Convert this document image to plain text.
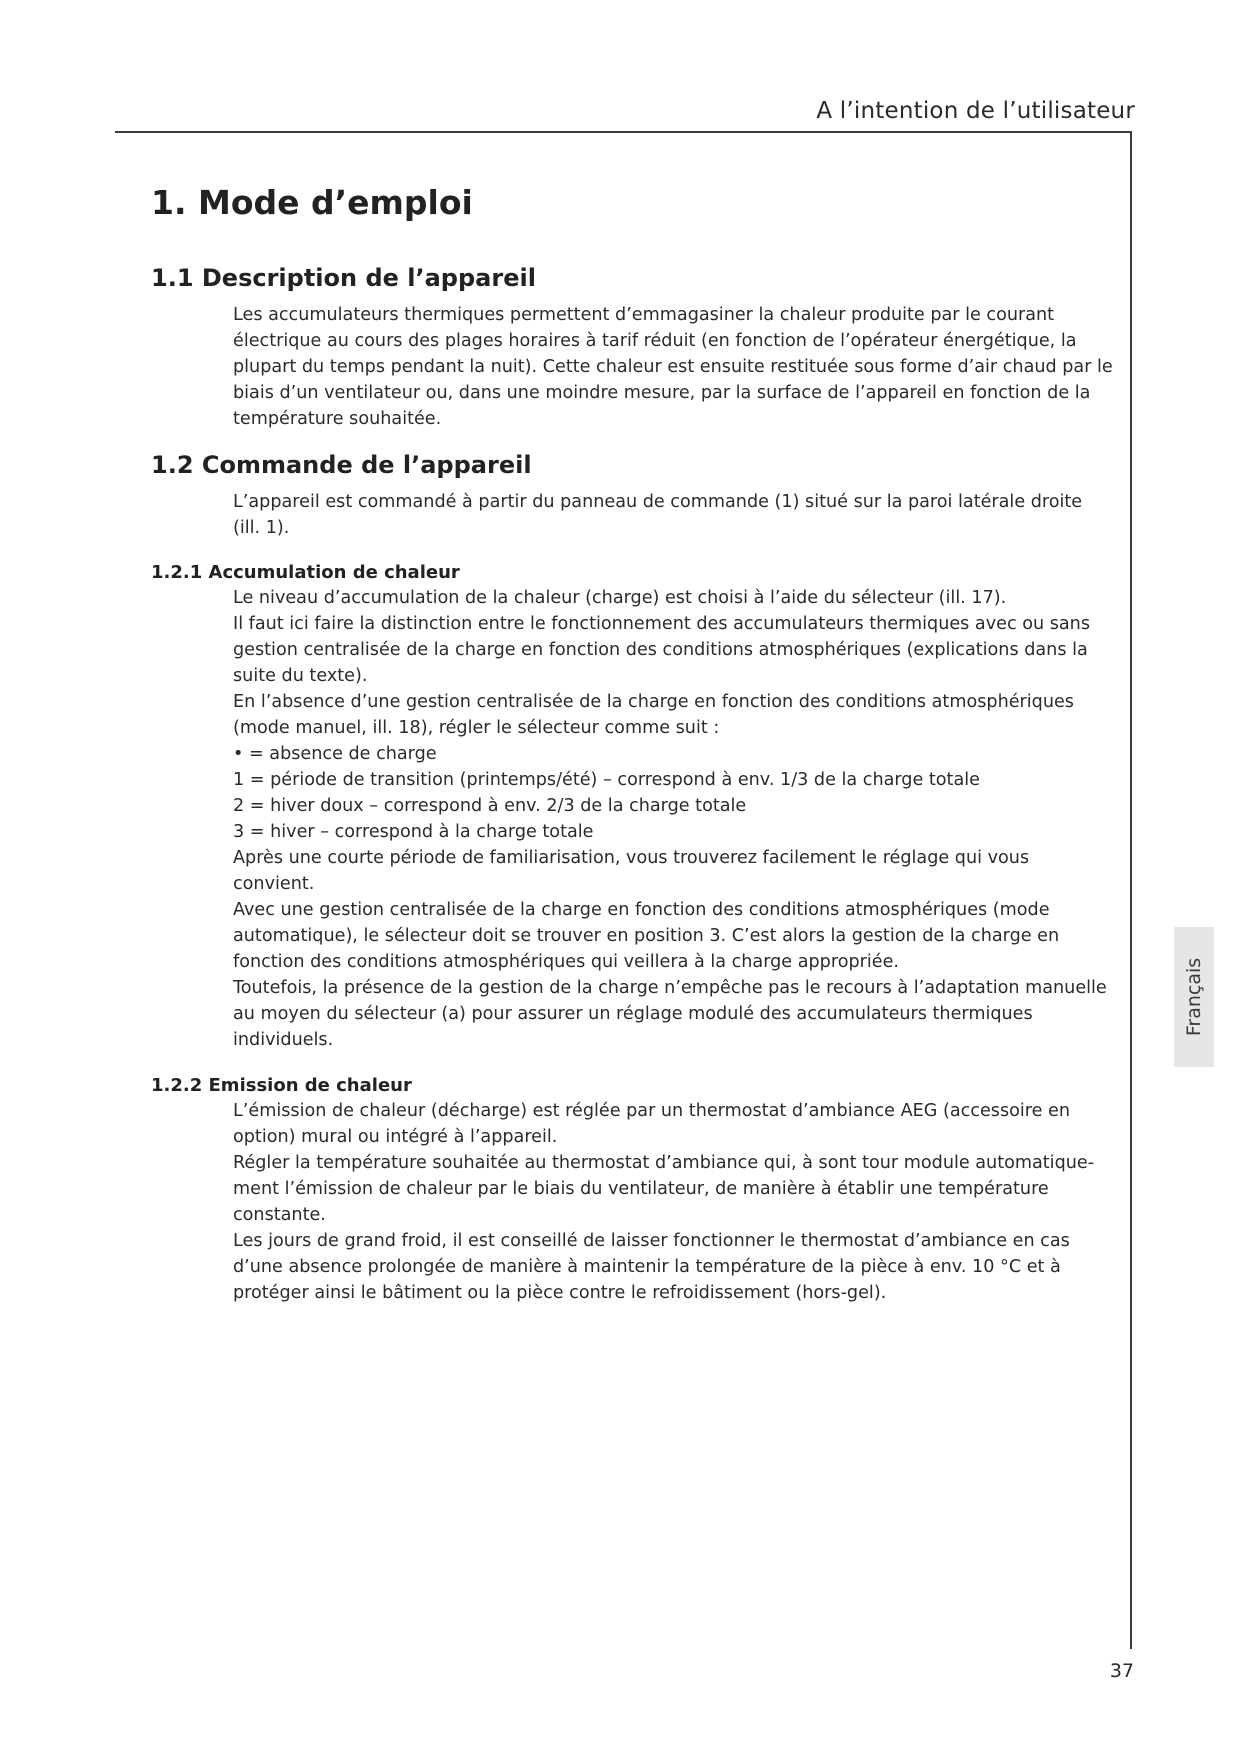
A l’intention de l’utilisateur
Français
1. Mode d’emploi
1.1 Description de l’appareil

Les accumulateurs thermiques permettent d’emmagasiner la chaleur produite par le courant

électrique au cours des plages horaires à tarif réduit (en fonction de l’opérateur énergétique, la

plupart du temps pendant la nuit). Cette chaleur est ensuite restituée sous forme d’air chaud par le

biais d’un ventilateur ou, dans une moindre mesure, par la surface de l’appareil en fonction de la

température souhaitée.

1.2 Commande de l’appareil

L’appareil est commandé à partir du panneau de commande (1) situé sur la paroi latérale droite

(ill. 1).

1.2.1 Accumulation de chaleur

Le niveau d’accumulation de la chaleur (charge) est choisi à l’aide du sélecteur (ill. 17).

Il faut ici faire la distinction entre le fonctionnement des accumulateurs thermiques avec ou sans

gestion centralisée de la charge en fonction des conditions atmosphériques (explications dans la

suite du texte).

En l’absence d’une gestion centralisée de la charge en fonction des conditions atmosphériques

(mode manuel, ill. 18), régler le sélecteur comme suit :

• = absence de charge

1 = période de transition (printemps/été) – correspond à env. 1/3 de la charge totale

2 = hiver doux – correspond à env. 2/3 de la charge totale

3 = hiver – correspond à la charge totale

Après une courte période de familiarisation, vous trouverez facilement le réglage qui vous

convient.

Avec une gestion centralisée de la charge en fonction des conditions atmosphériques (mode

automatique), le sélecteur doit se trouver en position 3. C’est alors la gestion de la charge en

fonction des conditions atmosphériques qui veillera à la charge appropriée.

Toutefois, la présence de la gestion de la charge n’empêche pas le recours à l’adaptation manuelle

au moyen du sélecteur (a) pour assurer un réglage modulé des accumulateurs thermiques

individuels.

1.2.2 Emission de chaleur

L’émission de chaleur (décharge) est réglée par un thermostat d’ambiance AEG (accessoire en

option) mural ou intégré à l’appareil.

Régler la température souhaitée au thermostat d’ambiance qui, à sont tour module automatique-

ment l’émission de chaleur par le biais du ventilateur, de manière à établir une température

constante.

Les jours de grand froid, il est conseillé de laisser fonctionner le thermostat d’ambiance en cas

d’une absence prolongée de manière à maintenir la température de la pièce à env. 10 °C et à

protéger ainsi le bâtiment ou la pièce contre le refroidissement (hors-gel).

37
